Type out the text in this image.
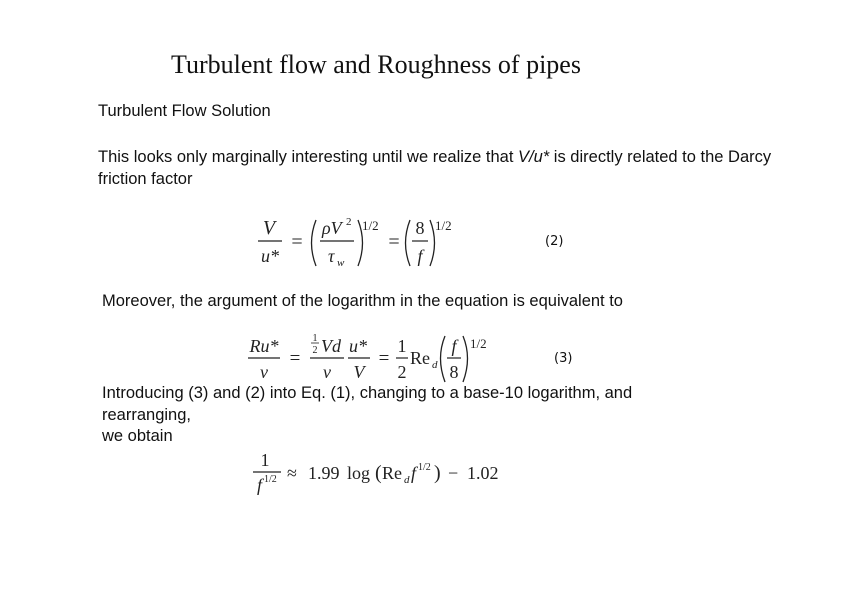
Turbulent flow and Roughness of pipes
Turbulent Flow Solution
This looks only marginally interesting until we realize that V/u* is directly related to the Darcy friction factor
V
u*
=
ρV 2
τ w
1/2
=
8
f
1/2
(2)
Moreover, the argument of the logarithm in the equation is equivalent to
Ru*
ν
=
1
2 Vd
ν
u*
V
=
1
2
Re d
f
8
1/2
(3)
Introducing (3) and (2) into Eq. (1), changing to a base-10 logarithm, and
rearranging,
we obtain
1
f 1/2 ≈ 1.99 log ( Re d f 1/2 ) − 1.02
